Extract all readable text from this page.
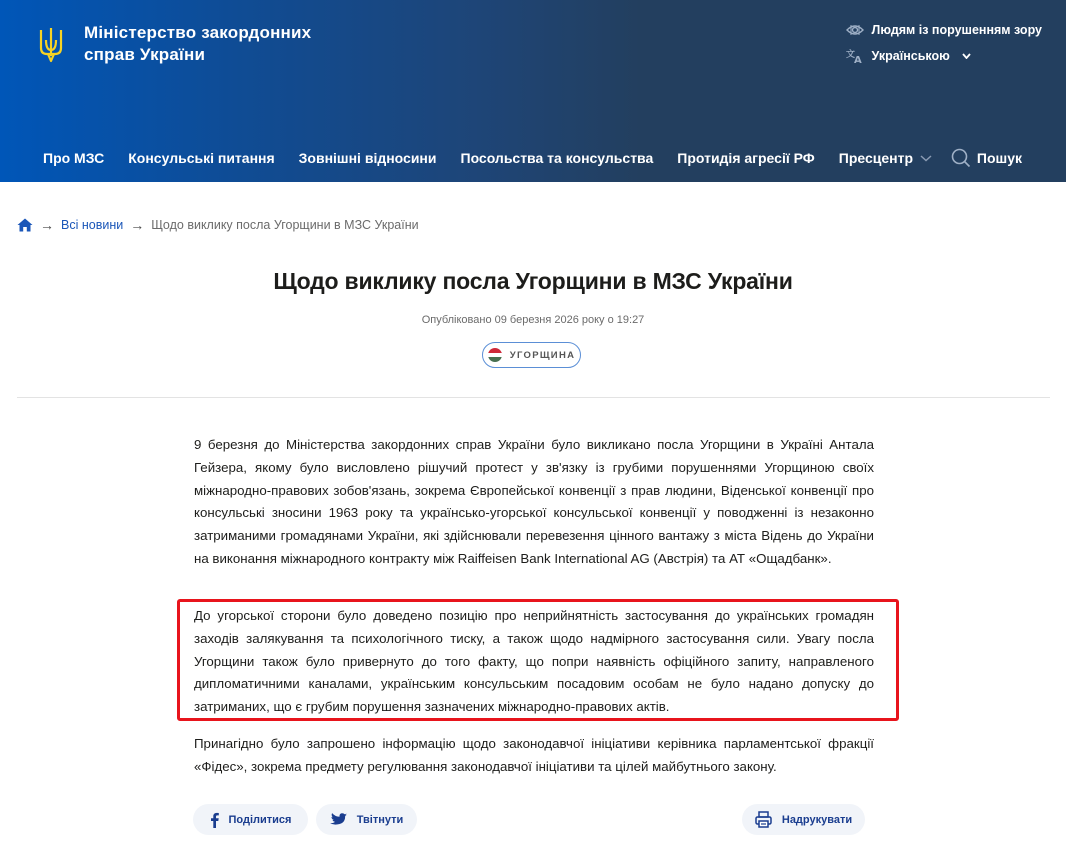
Міністерство закордонних справ України
Людям із порушенням зору
文
A Українською
Про МЗС Консульські питання Зовнішні відносини Посольства та консульства Протидія агресії РФ Пресцентр	Пошук
→ Всі новини → Щодо виклику посла Угорщини в МЗС України
Щодо виклику посла Угорщини в МЗС України
Опубліковано 09 березня 2026 року о 19:27
УГОРЩИНА

9 березня до Міністерства закордонних справ України було викликано посла Угорщини в Україні Антала Гейзера, якому було висловлено рішучий протест у зв'язку із грубими порушеннями Угорщиною своїх міжнародно-правових зобов'язань, зокрема Європейської конвенції з прав людини, Віденської конвенції про консульські зносини 1963 року та українсько-угорської консульської конвенції у поводженні із незаконно затриманими громадянами України, які здійснювали перевезення цінного вантажу з міста Відень до України на виконання міжнародного контракту між Raiffeisen Bank International AG (Австрія) та АТ «Ощадбанк».

До угорської сторони було доведено позицію про неприйнятність застосування до українських громадян заходів залякування та психологічного тиску, а також щодо надмірного застосування сили. Увагу посла Угорщини також було привернуто до того факту, що попри наявність офіційного запиту, направленого дипломатичними каналами, українським консульським посадовим особам не було надано допуску до затриманих, що є грубим порушення зазначених міжнародно-правових актів.

Принагідно було запрошено інформацію щодо законодавчої ініціативи керівника парламентської фракції «Фідес», зокрема предмету регулювання законодавчої ініціативи та цілей майбутнього закону.

Поділитися	Твітнути	Надрукувати
